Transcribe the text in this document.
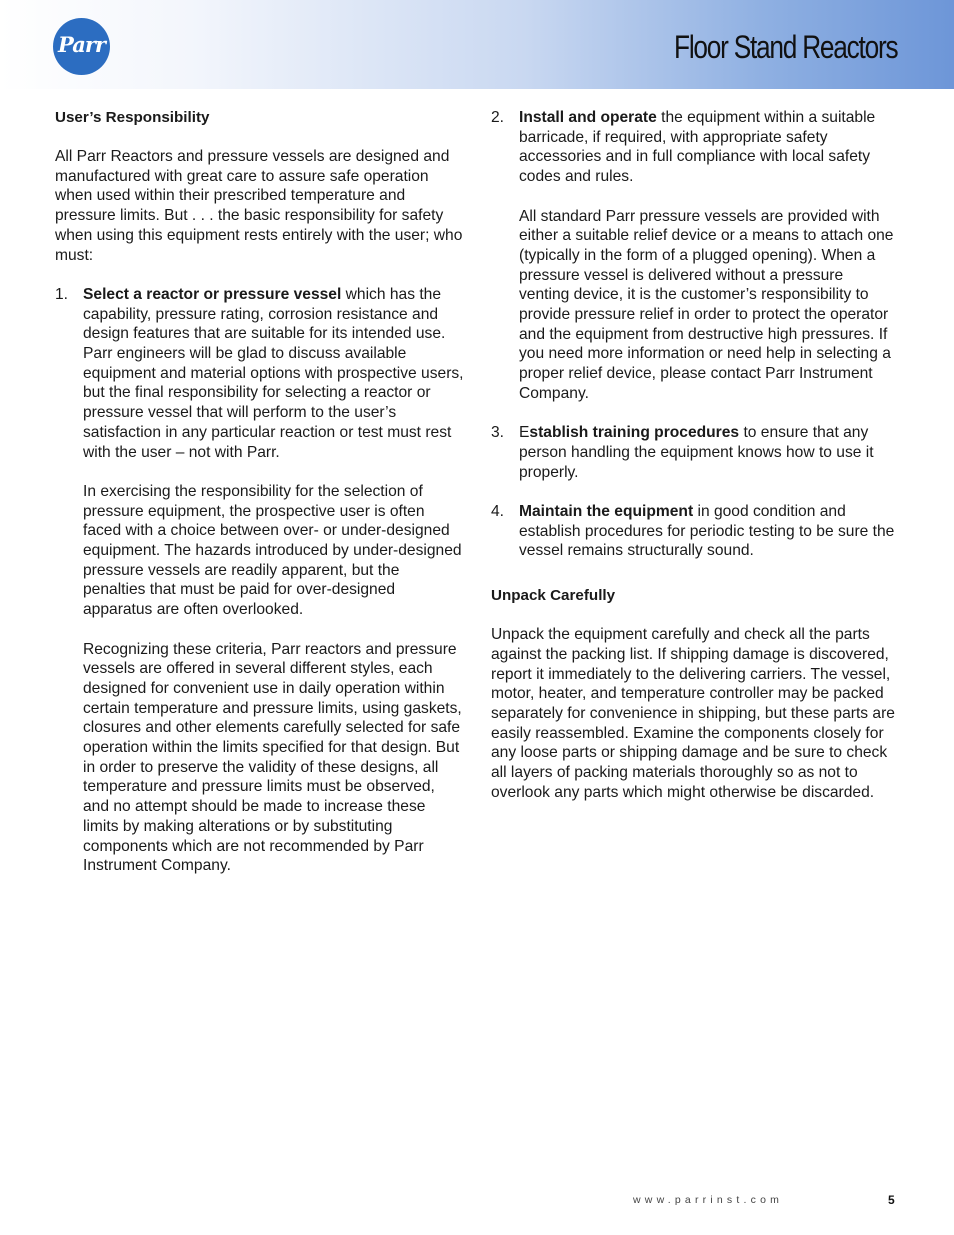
Parr	Floor Stand Reactors

User’s Responsibility

All Parr Reactors and pressure vessels are designed and manufactured with great care to assure safe operation when used within their prescribed temperature and pressure limits. But . . . the basic responsibility for safety when using this equipment rests entirely with the user; who must:

1. Select a reactor or pressure vessel which has the capability, pressure rating, corrosion resistance and design features that are suitable for its intended use. Parr engineers will be glad to discuss available equipment and material options with prospective users, but the final responsibility for selecting a reactor or pressure vessel that will perform to the user’s satisfaction in any particular reaction or test must rest with the user – not with Parr.

In exercising the responsibility for the selection of pressure equipment, the prospective user is often faced with a choice between over- or under-designed equipment. The hazards introduced by under-designed pressure vessels are readily apparent, but the penalties that must be paid for over-designed apparatus are often overlooked.

Recognizing these criteria, Parr reactors and pressure vessels are offered in several different styles, each designed for convenient use in daily operation within certain temperature and pressure limits, using gaskets, closures and other elements carefully selected for safe operation within the limits specified for that design. But in order to preserve the validity of these designs, all temperature and pressure limits must be observed, and no attempt should be made to increase these limits by making alterations or by substituting components which are not recommended by Parr Instrument Company.

2. Install and operate the equipment within a suitable barricade, if required, with appropriate safety accessories and in full compliance with local safety codes and rules.

All standard Parr pressure vessels are provided with either a suitable relief device or a means to attach one (typically in the form of a plugged opening). When a pressure vessel is delivered without a pressure venting device, it is the customer’s responsibility to provide pressure relief in order to protect the operator and the equipment from destructive high pressures. If you need more information or need help in selecting a proper relief device, please contact Parr Instrument Company.

3. Establish training procedures to ensure that any person handling the equipment knows how to use it properly.
4. Maintain the equipment in good condition and establish procedures for periodic testing to be sure the vessel remains structurally sound.

Unpack Carefully

Unpack the equipment carefully and check all the parts against the packing list. If shipping damage is discovered, report it immediately to the delivering carriers. The vessel, motor, heater, and temperature controller may be packed separately for convenience in shipping, but these parts are easily reassembled. Examine the components closely for any loose parts or shipping damage and be sure to check all layers of packing materials thoroughly so as not to overlook any parts which might otherwise be discarded.

www.parrinst.com	5
